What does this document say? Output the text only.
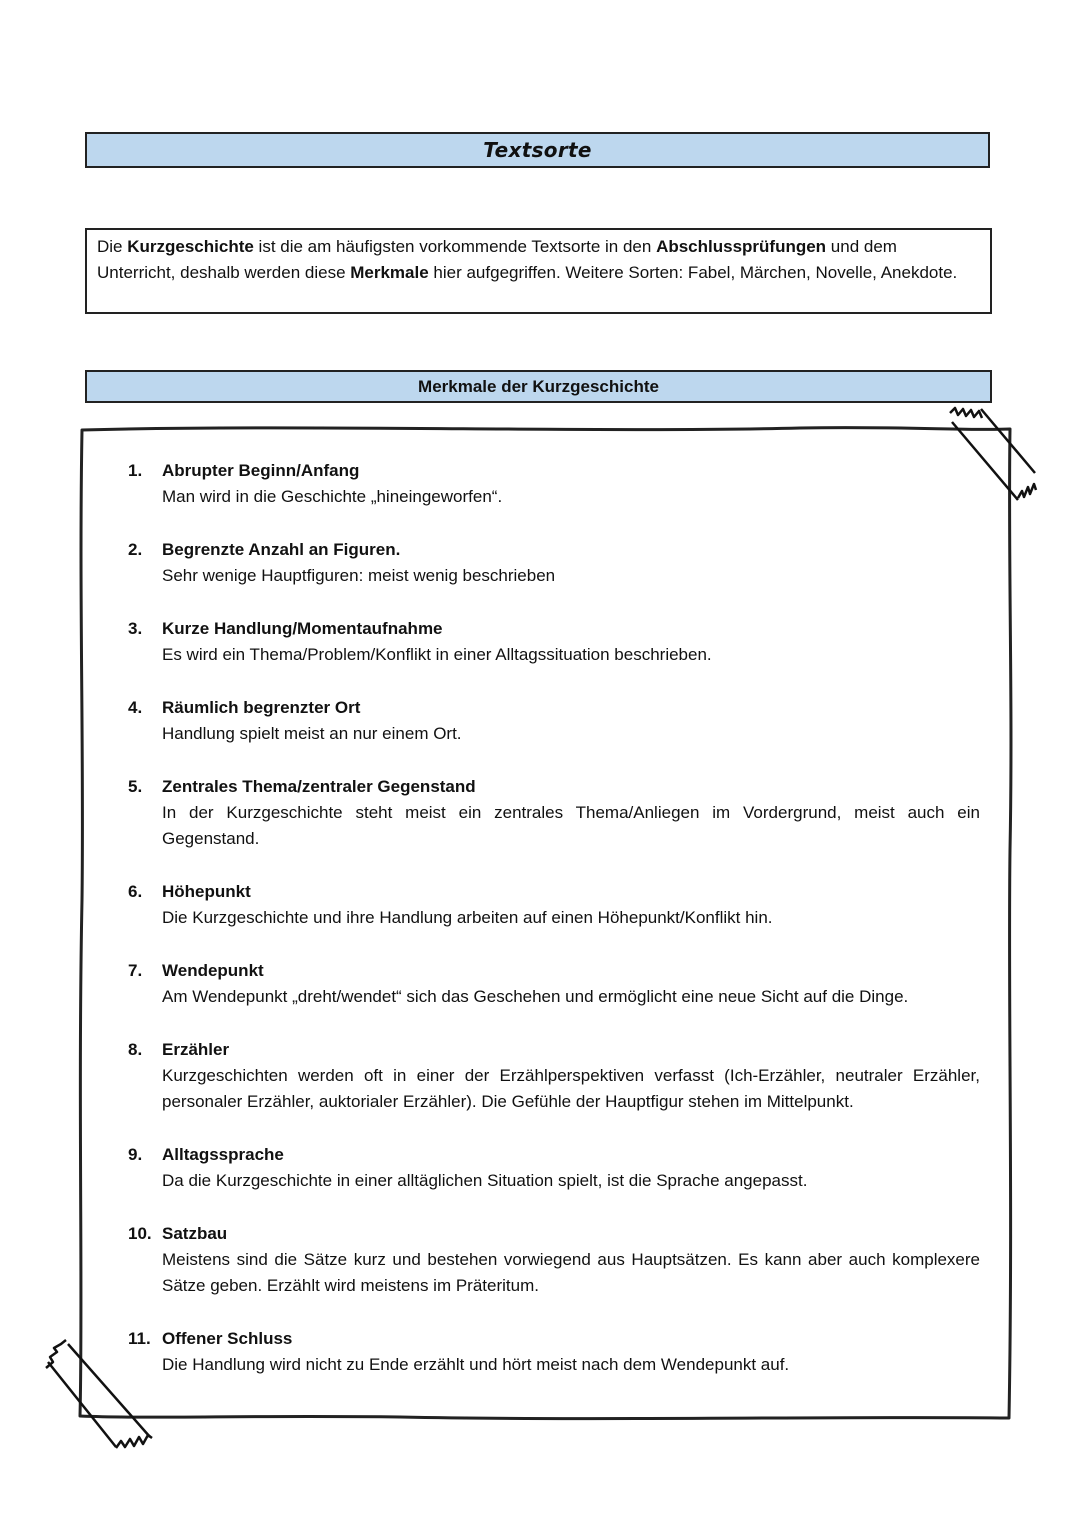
Textsorte
Die Kurzgeschichte ist die am häufigsten vorkommende Textsorte in den Abschlussprüfungen und dem Unterricht, deshalb werden diese Merkmale hier aufgegriffen. Weitere Sorten: Fabel, Märchen, Novelle, Anekdote.
Merkmale der Kurzgeschichte
1. Abrupter Beginn/Anfang
Man wird in die Geschichte „hineingeworfen“.
2. Begrenzte Anzahl an Figuren.
Sehr wenige Hauptfiguren: meist wenig beschrieben
3. Kurze Handlung/Momentaufnahme
Es wird ein Thema/Problem/Konflikt in einer Alltagssituation beschrieben.
4. Räumlich begrenzter Ort
Handlung spielt meist an nur einem Ort.
5. Zentrales Thema/zentraler Gegenstand
In der Kurzgeschichte steht meist ein zentrales Thema/Anliegen im Vordergrund, meist auch ein Gegenstand.
6. Höhepunkt
Die Kurzgeschichte und ihre Handlung arbeiten auf einen Höhepunkt/Konflikt hin.
7. Wendepunkt
Am Wendepunkt „dreht/wendet“ sich das Geschehen und ermöglicht eine neue Sicht auf die Dinge.
8. Erzähler
Kurzgeschichten werden oft in einer der Erzählperspektiven verfasst (Ich-Erzähler, neutraler Erzähler, personaler Erzähler, auktorialer Erzähler). Die Gefühle der Hauptfigur stehen im Mittelpunkt.
9. Alltagssprache
Da die Kurzgeschichte in einer alltäglichen Situation spielt, ist die Sprache angepasst.
10. Satzbau
Meistens sind die Sätze kurz und bestehen vorwiegend aus Hauptsätzen. Es kann aber auch komplexere Sätze geben. Erzählt wird meistens im Präteritum.
11. Offener Schluss
Die Handlung wird nicht zu Ende erzählt und hört meist nach dem Wendepunkt auf.
